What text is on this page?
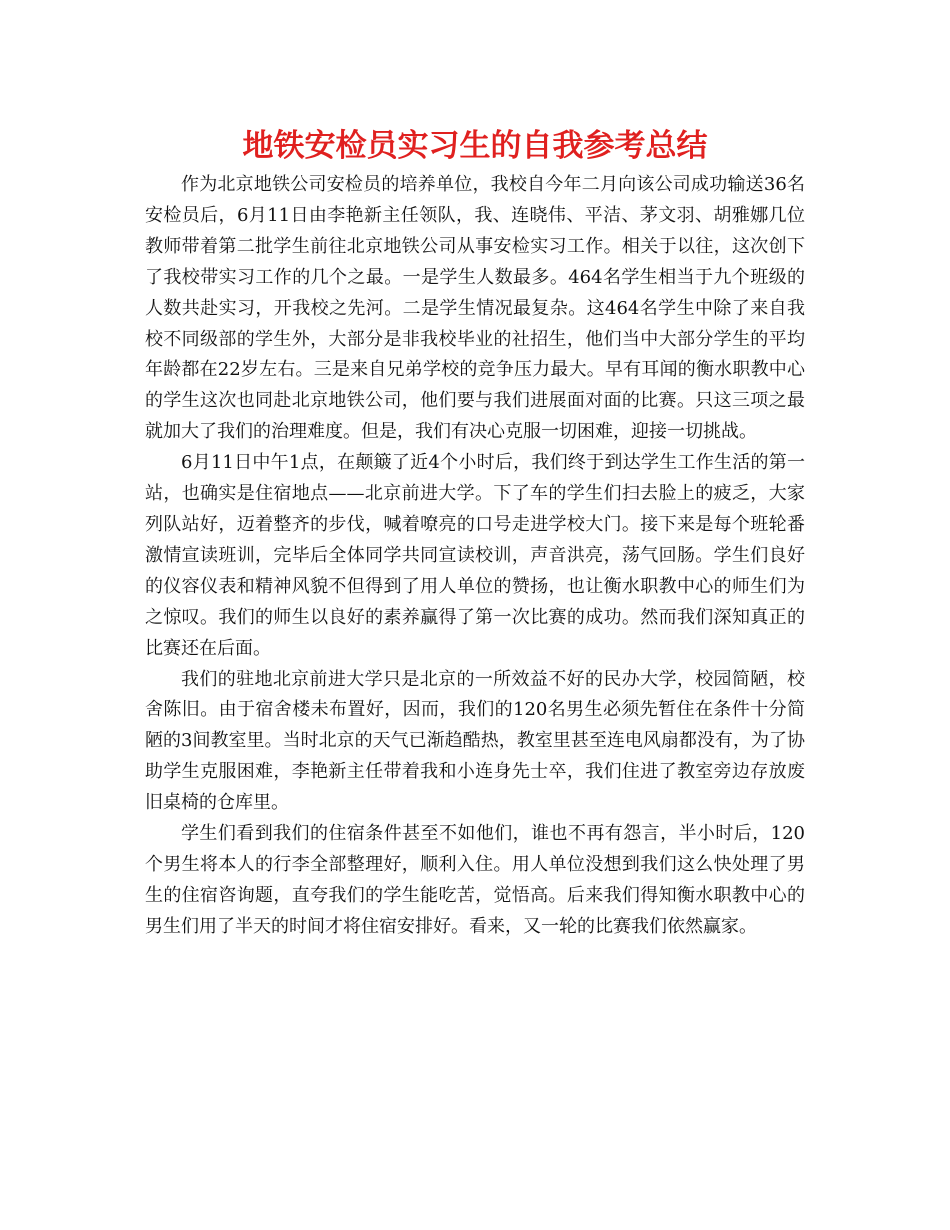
地铁安检员实习生的自我参考总结

作为北京地铁公司安检员的培养单位，我校自今年二月向该公司成功输送36名安检员后，6月11日由李艳新主任领队，我、连晓伟、平洁、茅文羽、胡雅娜几位教师带着第二批学生前往北京地铁公司从事安检实习工作。相关于以往，这次创下了我校带实习工作的几个之最。一是学生人数最多。464名学生相当于九个班级的人数共赴实习，开我校之先河。二是学生情况最复杂。这464名学生中除了来自我校不同级部的学生外，大部分是非我校毕业的社招生，他们当中大部分学生的平均年龄都在22岁左右。三是来自兄弟学校的竞争压力最大。早有耳闻的衡水职教中心的学生这次也同赴北京地铁公司，他们要与我们进展面对面的比赛。只这三项之最就加大了我们的治理难度。但是，我们有决心克服一切困难，迎接一切挑战。

6月11日中午1点，在颠簸了近4个小时后，我们终于到达学生工作生活的第一站，也确实是住宿地点——北京前进大学。下了车的学生们扫去脸上的疲乏，大家列队站好，迈着整齐的步伐，喊着嘹亮的口号走进学校大门。接下来是每个班轮番激情宣读班训，完毕后全体同学共同宣读校训，声音洪亮，荡气回肠。学生们良好的仪容仪表和精神风貌不但得到了用人单位的赞扬，也让衡水职教中心的师生们为之惊叹。我们的师生以良好的素养赢得了第一次比赛的成功。然而我们深知真正的比赛还在后面。

我们的驻地北京前进大学只是北京的一所效益不好的民办大学，校园简陋，校舍陈旧。由于宿舍楼未布置好，因而，我们的120名男生必须先暂住在条件十分简陋的3间教室里。当时北京的天气已渐趋酷热，教室里甚至连电风扇都没有，为了协助学生克服困难，李艳新主任带着我和小连身先士卒，我们住进了教室旁边存放废旧桌椅的仓库里。

学生们看到我们的住宿条件甚至不如他们，谁也不再有怨言，半小时后，120个男生将本人的行李全部整理好，顺利入住。用人单位没想到我们这么快处理了男生的住宿咨询题，直夸我们的学生能吃苦，觉悟高。后来我们得知衡水职教中心的男生们用了半天的时间才将住宿安排好。看来，又一轮的比赛我们依然赢家。
